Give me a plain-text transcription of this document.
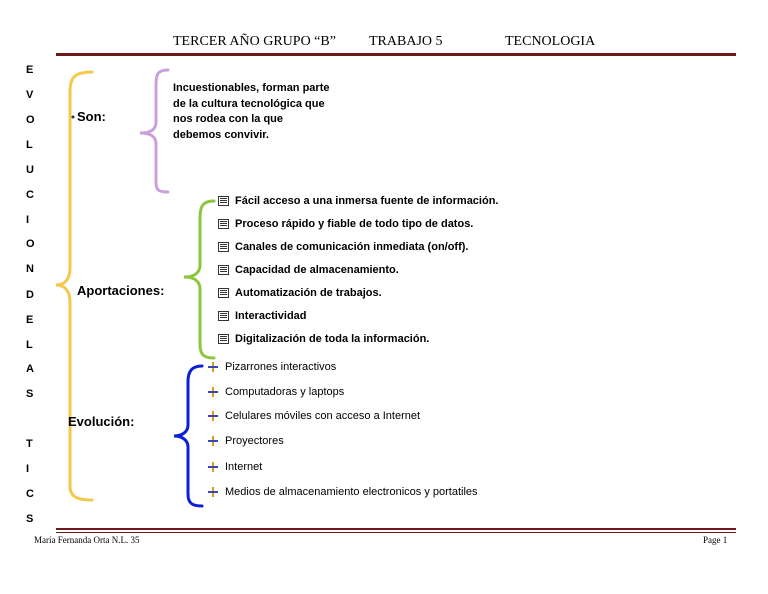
TERCER AÑO GRUPO “B” TRABAJO 5	TECNOLOGIA
E
V
O
L
U
C
I
O
N
D
E
L
A
S
T
I
C
S
Son:
Aportaciones:
Evolución:
Incuestionables, forman parte de la cultura tecnológica que nos rodea con la que debemos convivir.
Fácil acceso a una inmersa fuente de información.
Proceso rápido y fiable de todo tipo de datos.
Canales de comunicación inmediata (on/off).
Capacidad de almacenamiento.
Automatización de trabajos.
Interactividad
Digitalización de toda la información.
Pizarrones interactivos
Computadoras y laptops
Celulares móviles con acceso a Internet
Proyectores
Internet
Medios de almacenamiento electronicos y portatiles
María Fernanda Orta N.L. 35	Page 1
